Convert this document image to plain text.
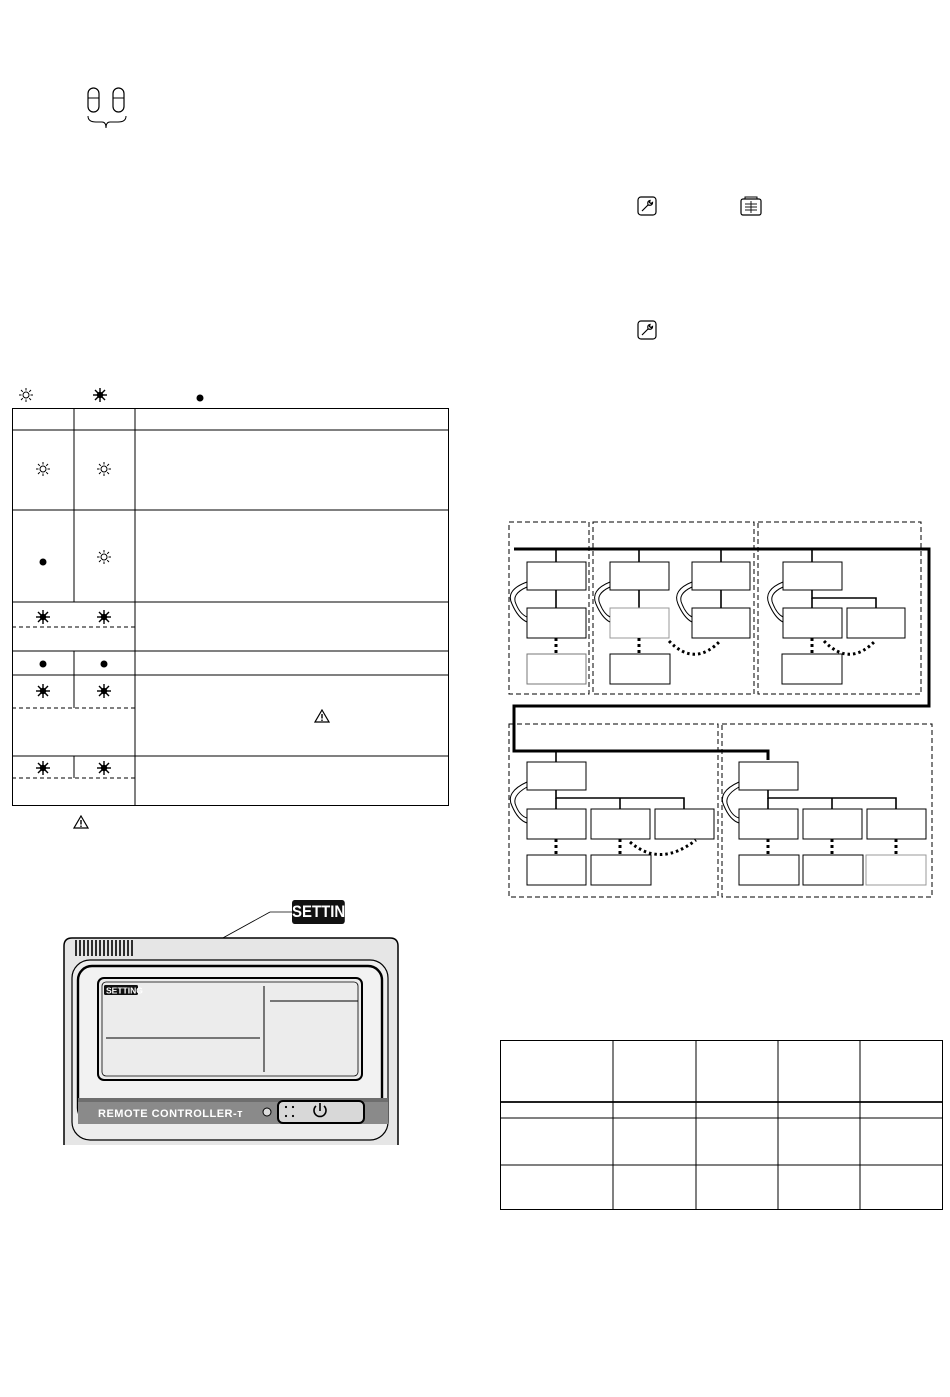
SETTING
SETTING
REMOTE CONTROLLER-ᴛ
